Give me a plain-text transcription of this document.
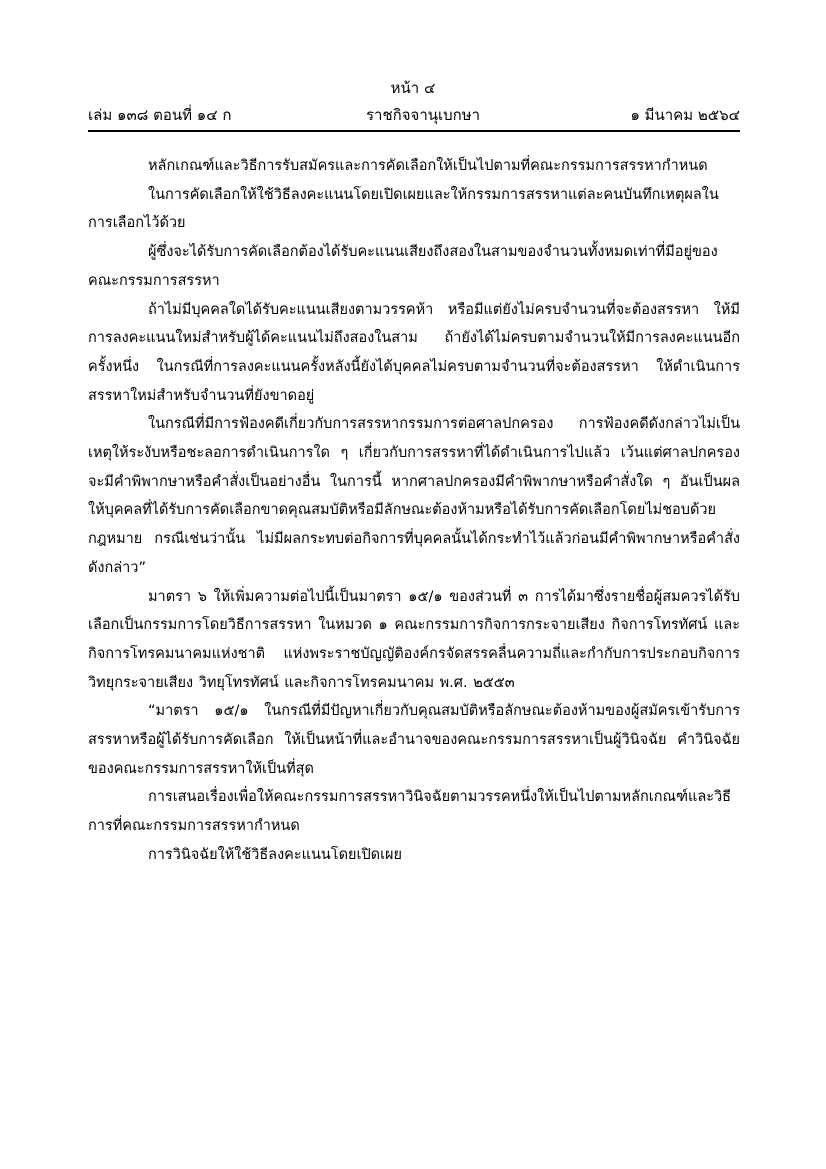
หน้า ๔
เล่ม ๑๓๘ ตอนที่ ๑๔ ก	ราชกิจจานุเบกษา	๑ มีนาคม ๒๕๖๔

หลักเกณฑ์และวิธีการรับสมัครและการคัดเลือกให้เป็นไปตามที่คณะกรรมการสรรหากำหนด

ในการคัดเลือกให้ใช้วิธีลงคะแนนโดยเปิดเผยและให้กรรมการสรรหาแต่ละคนบันทึกเหตุผลในการเลือกไว้ด้วย

ผู้ซึ่งจะได้รับการคัดเลือกต้องได้รับคะแนนเสียงถึงสองในสามของจำนวนทั้งหมดเท่าที่มีอยู่ของคณะกรรมการสรรหา

ถ้าไม่มีบุคคลใดได้รับคะแนนเสียงตามวรรคห้า หรือมีแต่ยังไม่ครบจำนวนที่จะต้องสรรหา ให้มีการลงคะแนนใหม่สำหรับผู้ได้คะแนนไม่ถึงสองในสาม ถ้ายังได้ไม่ครบตามจำนวนให้มีการลงคะแนนอีกครั้งหนึ่ง ในกรณีที่การลงคะแนนครั้งหลังนี้ยังได้บุคคลไม่ครบตามจำนวนที่จะต้องสรรหา ให้ดำเนินการสรรหาใหม่สำหรับจำนวนที่ยังขาดอยู่

ในกรณีที่มีการฟ้องคดีเกี่ยวกับการสรรหากรรมการต่อศาลปกครอง การฟ้องคดีดังกล่าวไม่เป็นเหตุให้ระงับหรือชะลอการดำเนินการใด ๆ เกี่ยวกับการสรรหาที่ได้ดำเนินการไปแล้ว เว้นแต่ศาลปกครองจะมีคำพิพากษาหรือคำสั่งเป็นอย่างอื่น ในการนี้ หากศาลปกครองมีคำพิพากษาหรือคำสั่งใด ๆ อันเป็นผลให้บุคคลที่ได้รับการคัดเลือกขาดคุณสมบัติหรือมีลักษณะต้องห้ามหรือได้รับการคัดเลือกโดยไม่ชอบด้วยกฎหมาย กรณีเช่นว่านั้น ไม่มีผลกระทบต่อกิจการที่บุคคลนั้นได้กระทำไว้แล้วก่อนมีคำพิพากษาหรือคำสั่งดังกล่าว”

มาตรา ๖ ให้เพิ่มความต่อไปนี้เป็นมาตรา ๑๕/๑ ของส่วนที่ ๓ การได้มาซึ่งรายชื่อผู้สมควรได้รับเลือกเป็นกรรมการโดยวิธีการสรรหา ในหมวด ๑ คณะกรรมการกิจการกระจายเสียง กิจการโทรทัศน์ และกิจการโทรคมนาคมแห่งชาติ แห่งพระราชบัญญัติองค์กรจัดสรรคลื่นความถี่และกำกับการประกอบกิจการวิทยุกระจายเสียง วิทยุโทรทัศน์ และกิจการโทรคมนาคม พ.ศ. ๒๕๕๓

“มาตรา ๑๕/๑ ในกรณีที่มีปัญหาเกี่ยวกับคุณสมบัติหรือลักษณะต้องห้ามของผู้สมัครเข้ารับการสรรหาหรือผู้ได้รับการคัดเลือก ให้เป็นหน้าที่และอำนาจของคณะกรรมการสรรหาเป็นผู้วินิจฉัย คำวินิจฉัยของคณะกรรมการสรรหาให้เป็นที่สุด

การเสนอเรื่องเพื่อให้คณะกรรมการสรรหาวินิจฉัยตามวรรคหนึ่งให้เป็นไปตามหลักเกณฑ์และวิธีการที่คณะกรรมการสรรหากำหนด

การวินิจฉัยให้ใช้วิธีลงคะแนนโดยเปิดเผย
